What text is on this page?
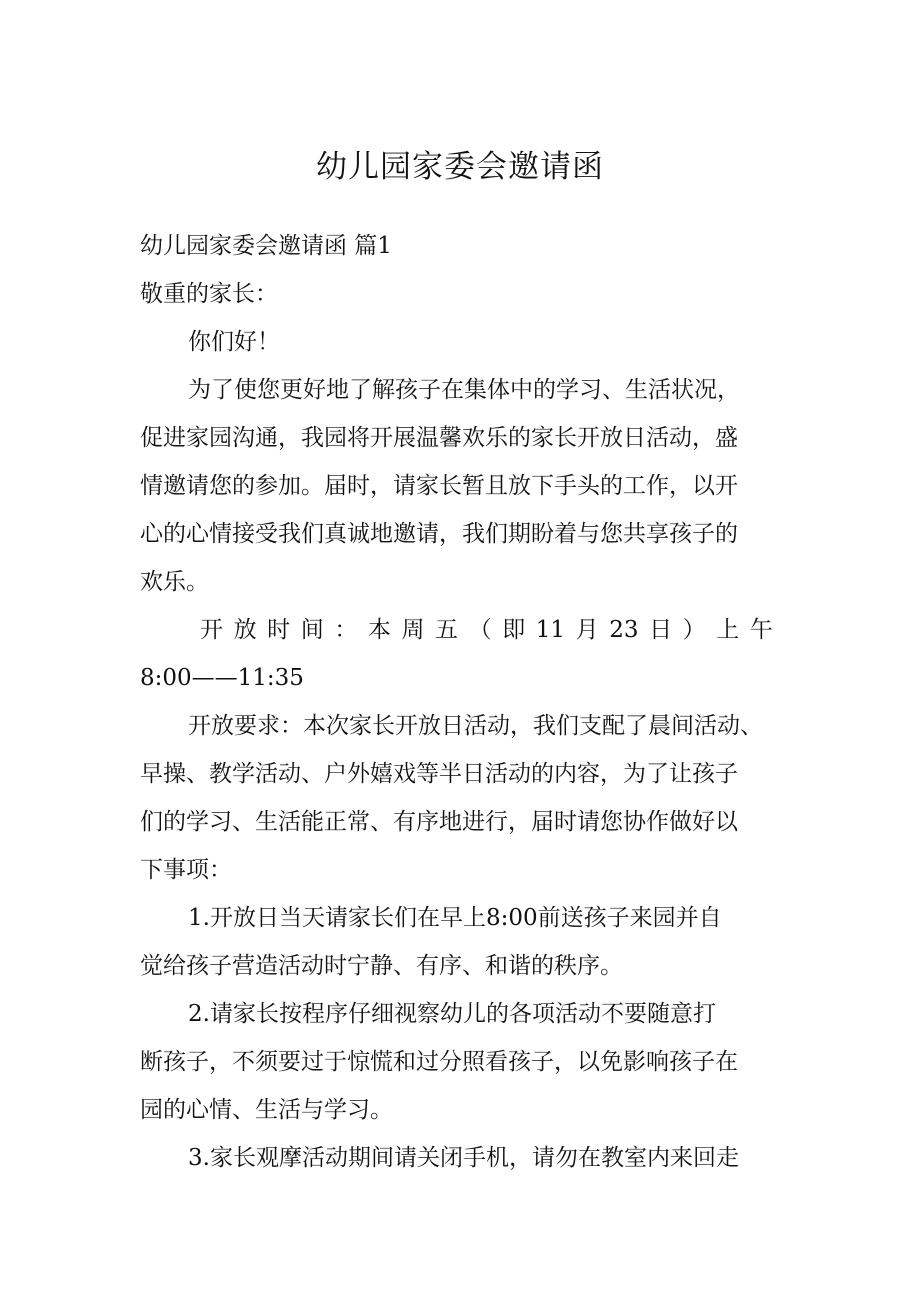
幼儿园家委会邀请函
幼儿园家委会邀请函 篇1
敬重的家长：
你们好！
为了使您更好地了解孩子在集体中的学习、生活状况，
促进家园沟通，我园将开展温馨欢乐的家长开放日活动，盛
情邀请您的参加。届时，请家长暂且放下手头的工作，以开
心的心情接受我们真诚地邀请，我们期盼着与您共享孩子的
欢乐。
开 放 时 间 ： 本 周 五 （ 即 11 月 23 日 ） 上 午
8:00——11:35
开放要求：本次家长开放日活动，我们支配了晨间活动、
早操、教学活动、户外嬉戏等半日活动的内容，为了让孩子
们的学习、生活能正常、有序地进行，届时请您协作做好以
下事项：
1.开放日当天请家长们在早上8:00前送孩子来园并自
觉给孩子营造活动时宁静、有序、和谐的秩序。
2.请家长按程序仔细视察幼儿的各项活动不要随意打
断孩子，不须要过于惊慌和过分照看孩子，以免影响孩子在
园的心情、生活与学习。
3.家长观摩活动期间请关闭手机，请勿在教室内来回走
